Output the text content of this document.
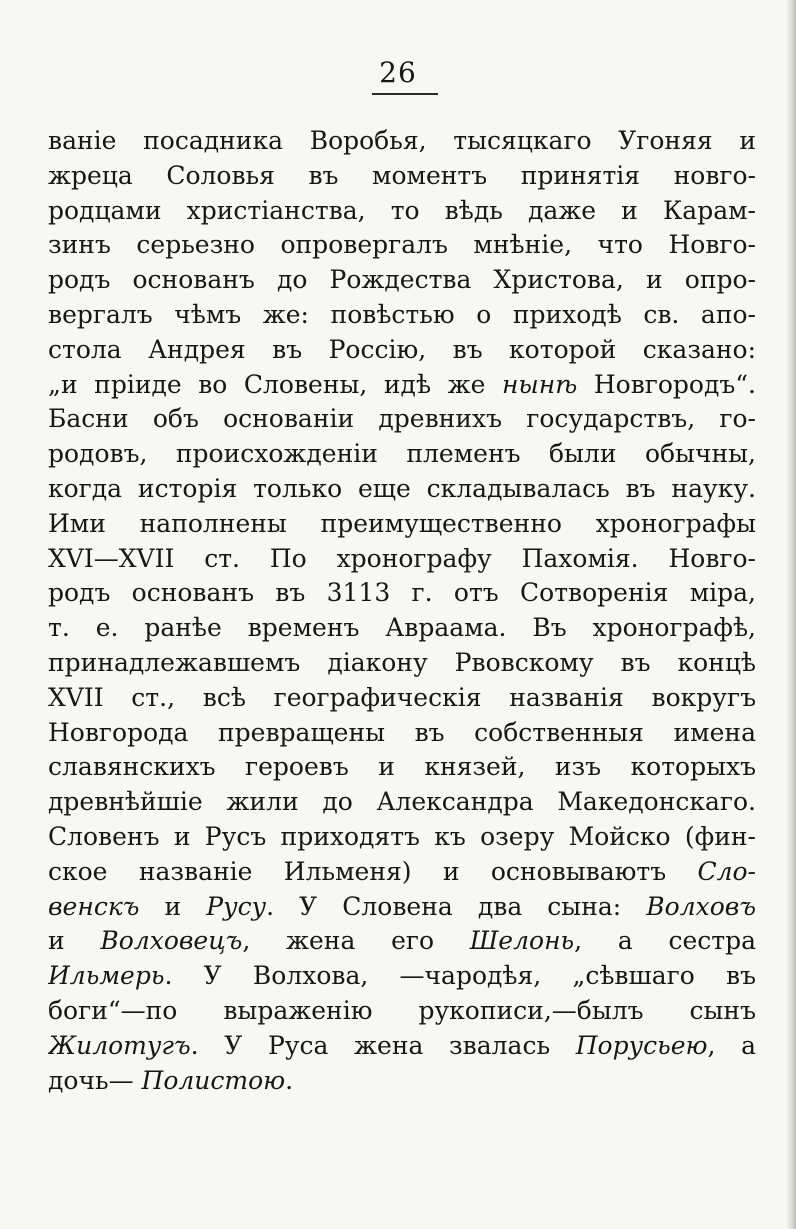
26
ваніе посадника Воробья, тысяцкаго Угоняя и
жреца Соловья въ моментъ принятія новго-
родцами христіанства, то вѣдь даже и Карам-
зинъ серьезно опровергалъ мнѣніе, что Новго-
родъ основанъ до Рождества Христова, и опро-
вергалъ чѣмъ же: повѣстью о приходѣ св. апо-
стола Андрея въ Россію, въ которой сказано:
„и пріиде во Словены, идѣ же нынѣ Новгородъ“.
Басни объ основаніи древнихъ государствъ, го-
родовъ, происхожденіи племенъ были обычны,
когда исторія только еще складывалась въ науку.
Ими наполнены преимущественно хронографы
XVI—XVII ст. По хронографу Пахомія. Новго-
родъ основанъ въ 3113 г. отъ Сотворенія міра,
т. е. ранѣе временъ Авраама. Въ хронографѣ,
принадлежавшемъ діакону Рвовскому въ концѣ
XVII ст., всѣ географическія названія вокругъ
Новгорода превращены въ собственныя имена
славянскихъ героевъ и князей, изъ которыхъ
древнѣйшіе жили до Александра Македонскаго.
Словенъ и Русъ приходятъ къ озеру Мойско (фин-
ское названіе Ильменя) и основываютъ Сло-
венскъ и Русу. У Словена два сына: Волховъ
и Волховецъ, жена его Шелонь, а сестра
Ильмерь. У Волхова, —чародѣя, „сѣвшаго въ
боги“—по выраженію рукописи,—былъ сынъ
Жилотугъ. У Руса жена звалась Порусьею, а
дочь— Полистою.
